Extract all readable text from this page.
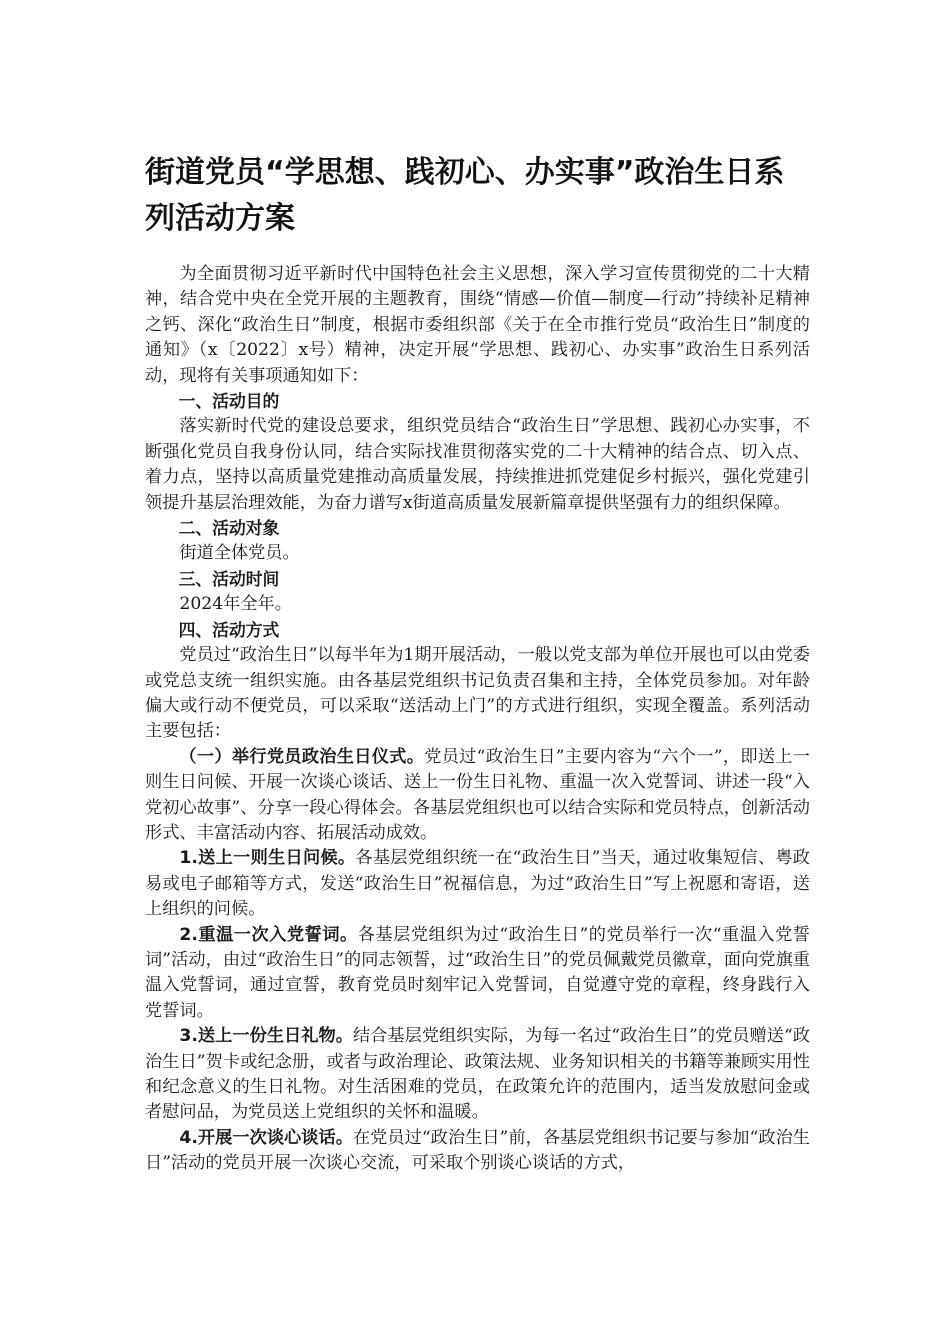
街道党员“学思想、践初心、办实事”政治生日系列活动方案

为全面贯彻习近平新时代中国特色社会主义思想，深入学习宣传贯彻党的二十大精神，结合党中央在全党开展的主题教育，围绕“情感—价值—制度—行动”持续补足精神之钙、深化“政治生日”制度，根据市委组织部《关于在全市推行党员“政治生日”制度的通知》（x〔2022〕x号）精神，决定开展“学思想、践初心、办实事”政治生日系列活动，现将有关事项通知如下：

一、活动目的

落实新时代党的建设总要求，组织党员结合“政治生日”学思想、践初心办实事，不断强化党员自我身份认同，结合实际找准贯彻落实党的二十大精神的结合点、切入点、着力点，坚持以高质量党建推动高质量发展，持续推进抓党建促乡村振兴，强化党建引领提升基层治理效能，为奋力谱写x街道高质量发展新篇章提供坚强有力的组织保障。

二、活动对象

街道全体党员。

三、活动时间

2024年全年。

四、活动方式

党员过“政治生日”以每半年为1期开展活动，一般以党支部为单位开展也可以由党委或党总支统一组织实施。由各基层党组织书记负责召集和主持，全体党员参加。对年龄偏大或行动不便党员，可以采取“送活动上门”的方式进行组织，实现全覆盖。系列活动主要包括：

（一）举行党员政治生日仪式。党员过“政治生日”主要内容为“六个一”，即送上一则生日问候、开展一次谈心谈话、送上一份生日礼物、重温一次入党誓词、讲述一段“入党初心故事”、分享一段心得体会。各基层党组织也可以结合实际和党员特点，创新活动形式、丰富活动内容、拓展活动成效。

1.送上一则生日问候。各基层党组织统一在“政治生日”当天，通过收集短信、粤政易或电子邮箱等方式，发送“政治生日”祝福信息，为过“政治生日”写上祝愿和寄语，送上组织的问候。

2.重温一次入党誓词。各基层党组织为过“政治生日”的党员举行一次“重温入党誓词”活动，由过“政治生日”的同志领誓，过“政治生日”的党员佩戴党员徽章，面向党旗重温入党誓词，通过宣誓，教育党员时刻牢记入党誓词，自觉遵守党的章程，终身践行入党誓词。

3.送上一份生日礼物。结合基层党组织实际，为每一名过“政治生日”的党员赠送“政治生日”贺卡或纪念册，或者与政治理论、政策法规、业务知识相关的书籍等兼顾实用性和纪念意义的生日礼物。对生活困难的党员，在政策允许的范围内，适当发放慰问金或者慰问品，为党员送上党组织的关怀和温暖。

4.开展一次谈心谈话。在党员过“政治生日”前，各基层党组织书记要与参加“政治生日”活动的党员开展一次谈心交流，可采取个别谈心谈话的方式，
